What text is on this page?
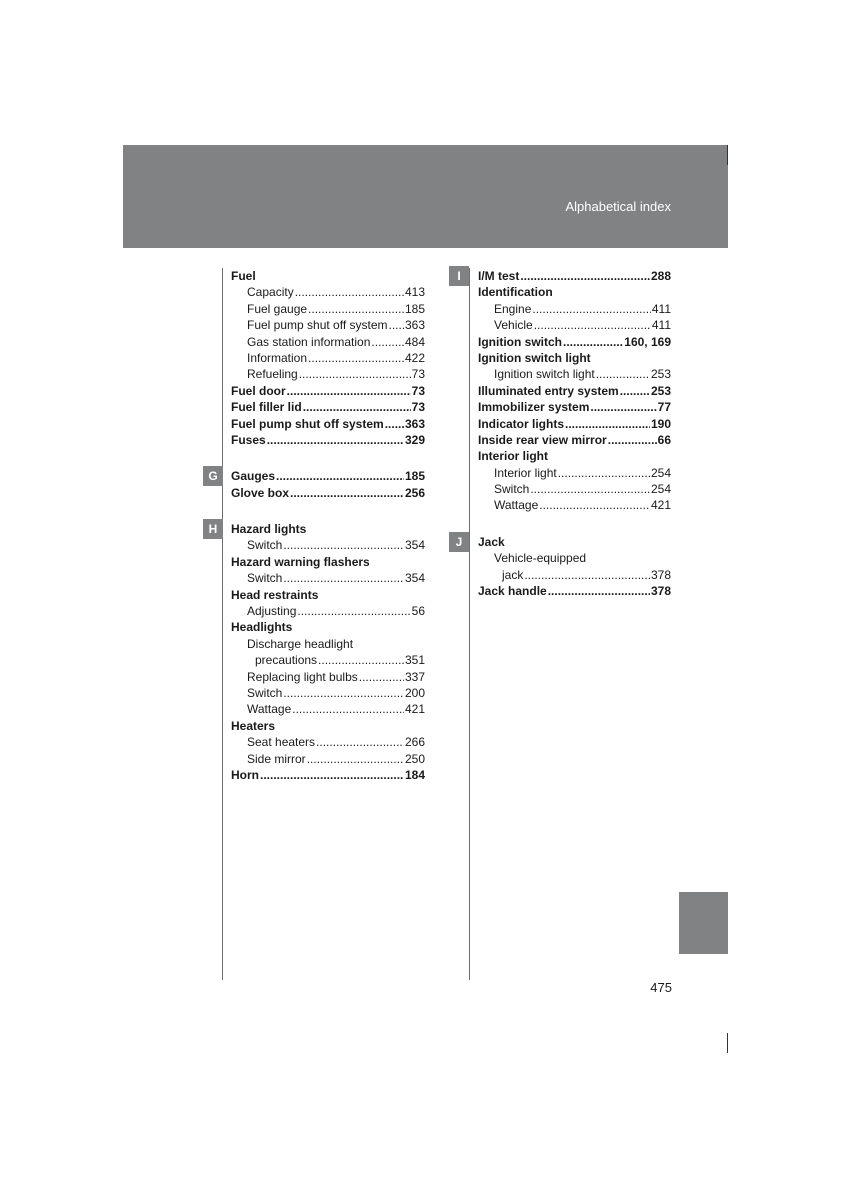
Alphabetical index
Fuel
Capacity .....	413
Fuel gauge .....	185
Fuel pump shut off system ..... 363
Gas station information .....	484
Information .....	422
Refueling .....	73
Fuel door .....	73
Fuel filler lid .....	73
Fuel pump shut off system ..... 363
Fuses .....	329
Gauges .....	185
Glove box .....	256
Hazard lights
Switch .....	354
Hazard warning flashers
Switch .....	354
Head restraints
Adjusting .....	56
Headlights
Discharge headlight
precautions .....	351
Replacing light bulbs .....	337
Switch .....	200
Wattage .....	421
Heaters
Seat heaters .....	266
Side mirror .....	250
Horn .....	184
I/M test .....	288
Identification
Engine .....	411
Vehicle .....	411
Ignition switch .....	160, 169
Ignition switch light
Ignition switch light .....	253
Illuminated entry system .....	253
Immobilizer system .....	77
Indicator lights .....	190
Inside rear view mirror .....	66
Interior light
Interior light .....	254
Switch .....	254
Wattage .....	421
Jack
Vehicle-equipped
jack .....	378
Jack handle .....	378
475
G
H
I
J
